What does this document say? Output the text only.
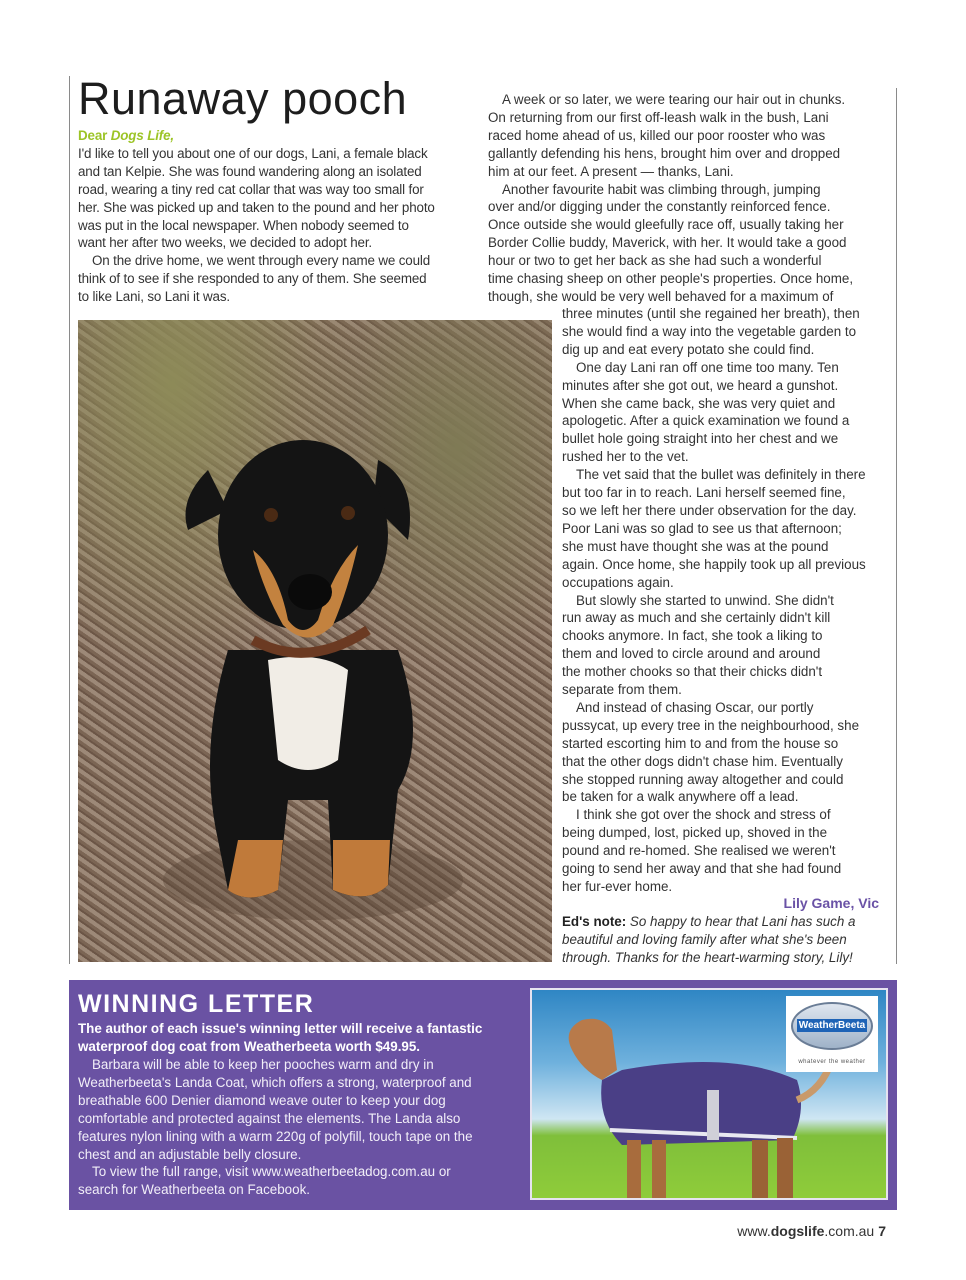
Runaway pooch
Dear Dogs Life,
I'd like to tell you about one of our dogs, Lani, a female black
and tan Kelpie. She was found wandering along an isolated
road, wearing a tiny red cat collar that was way too small for
her. She was picked up and taken to the pound and her photo
was put in the local newspaper. When nobody seemed to
want her after two weeks, we decided to adopt her.
On the drive home, we went through every name we could
think of to see if she responded to any of them. She seemed
to like Lani, so Lani it was.
A week or so later, we were tearing our hair out in chunks.
On returning from our first off-leash walk in the bush, Lani
raced home ahead of us, killed our poor rooster who was
gallantly defending his hens, brought him over and dropped
him at our feet. A present — thanks, Lani.
Another favourite habit was climbing through, jumping
over and/or digging under the constantly reinforced fence.
Once outside she would gleefully race off, usually taking her
Border Collie buddy, Maverick, with her. It would take a good
hour or two to get her back as she had such a wonderful
time chasing sheep on other people's properties. Once home,
though, she would be very well behaved for a maximum of
three minutes (until she regained her breath), then
she would find a way into the vegetable garden to
dig up and eat every potato she could find.
One day Lani ran off one time too many. Ten
minutes after she got out, we heard a gunshot.
When she came back, she was very quiet and
apologetic. After a quick examination we found a
bullet hole going straight into her chest and we
rushed her to the vet.
The vet said that the bullet was definitely in there
but too far in to reach. Lani herself seemed fine,
so we left her there under observation for the day.
Poor Lani was so glad to see us that afternoon;
she must have thought she was at the pound
again. Once home, she happily took up all previous
occupations again.
But slowly she started to unwind. She didn't
run away as much and she certainly didn't kill
chooks anymore. In fact, she took a liking to
them and loved to circle around and around
the mother chooks so that their chicks didn't
separate from them.
And instead of chasing Oscar, our portly
pussycat, up every tree in the neighbourhood, she
started escorting him to and from the house so
that the other dogs didn't chase him. Eventually
she stopped running away altogether and could
be taken for a walk anywhere off a lead.
I think she got over the shock and stress of
being dumped, lost, picked up, shoved in the
pound and re-homed. She realised we weren't
going to send her away and that she had found
her fur-ever home.
Lily Game, Vic
Ed's note: So happy to hear that Lani has such a
beautiful and loving family after what she's been
through. Thanks for the heart-warming story, Lily!
WINNING LETTER
The author of each issue's winning letter will receive a fantastic
waterproof dog coat from Weatherbeeta worth $49.95.
Barbara will be able to keep her pooches warm and dry in
Weatherbeeta's Landa Coat, which offers a strong, waterproof and
breathable 600 Denier diamond weave outer to keep your dog
comfortable and protected against the elements. The Landa also
features nylon lining with a warm 220g of polyfill, touch tape on the
chest and an adjustable belly closure.
To view the full range, visit www.weatherbeetadog.com.au or
search for Weatherbeeta on Facebook.
WeatherBeeta
whatever the weather
www.dogslife.com.au 7
